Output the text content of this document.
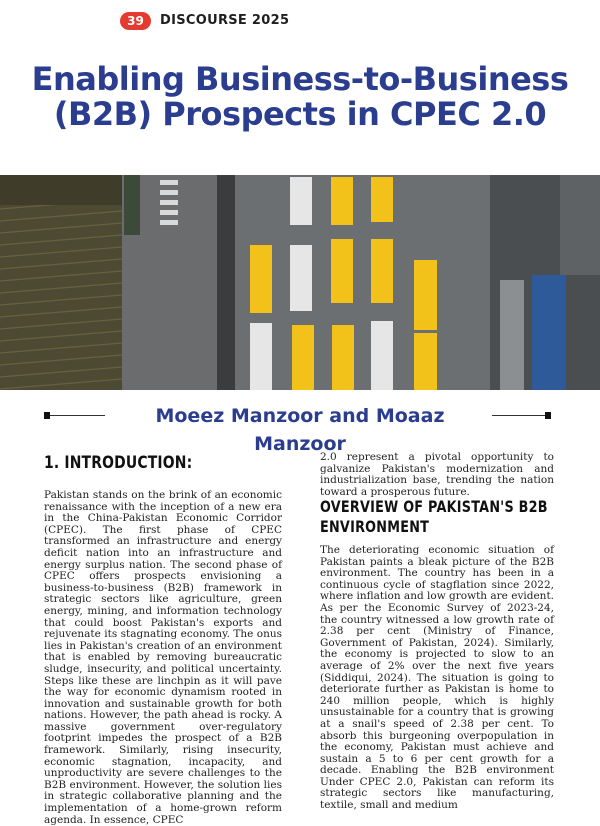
39	DISCOURSE 2025
Enabling Business-to-Business (B2B) Prospects in CPEC 2.0
Moeez Manzoor and Moaaz Manzoor
1. INTRODUCTION:

Pakistan stands on the brink of an economic renaissance with the inception of a new era in the China-Pakistan Economic Corridor (CPEC). The first phase of CPEC transformed an infrastructure and energy deficit nation into an infrastructure and energy surplus nation. The second phase of CPEC offers prospects envisioning a business-to-business (B2B) framework in strategic sectors like agriculture, green energy, mining, and information technology that could boost Pakistan's exports and rejuvenate its stagnating economy. The onus lies in Pakistan's creation of an environment that is enabled by removing bureaucratic sludge, insecurity, and political uncertainty. Steps like these are linchpin as it will pave the way for economic dynamism rooted in innovation and sustainable growth for both nations. However, the path ahead is rocky. A massive government over-regulatory footprint impedes the prospect of a B2B framework. Similarly, rising insecurity, economic stagnation, incapacity, and unproductivity are severe challenges to the B2B environment. However, the solution lies in strategic collaborative planning and the implementation of a home-grown reform agenda. In essence, CPEC

2.0 represent a pivotal opportunity to galvanize Pakistan's modernization and industrialization base, trending the nation toward a prosperous future.

OVERVIEW OF PAKISTAN'S B2B ENVIRONMENT

The deteriorating economic situation of Pakistan paints a bleak picture of the B2B environment. The country has been in a continuous cycle of stagflation since 2022, where inflation and low growth are evident. As per the Economic Survey of 2023-24, the country witnessed a low growth rate of 2.38 per cent (Ministry of Finance, Government of Pakistan, 2024). Similarly, the economy is projected to slow to an average of 2% over the next five years (Siddiqui, 2024). The situation is going to deteriorate further as Pakistan is home to 240 million people, which is highly unsustainable for a country that is growing at a snail's speed of 2.38 per cent. To absorb this burgeoning overpopulation in the economy, Pakistan must achieve and sustain a 5 to 6 per cent growth for a decade. Enabling the B2B environment Under CPEC 2.0, Pakistan can reform its strategic sectors like manufacturing, textile, small and medium
